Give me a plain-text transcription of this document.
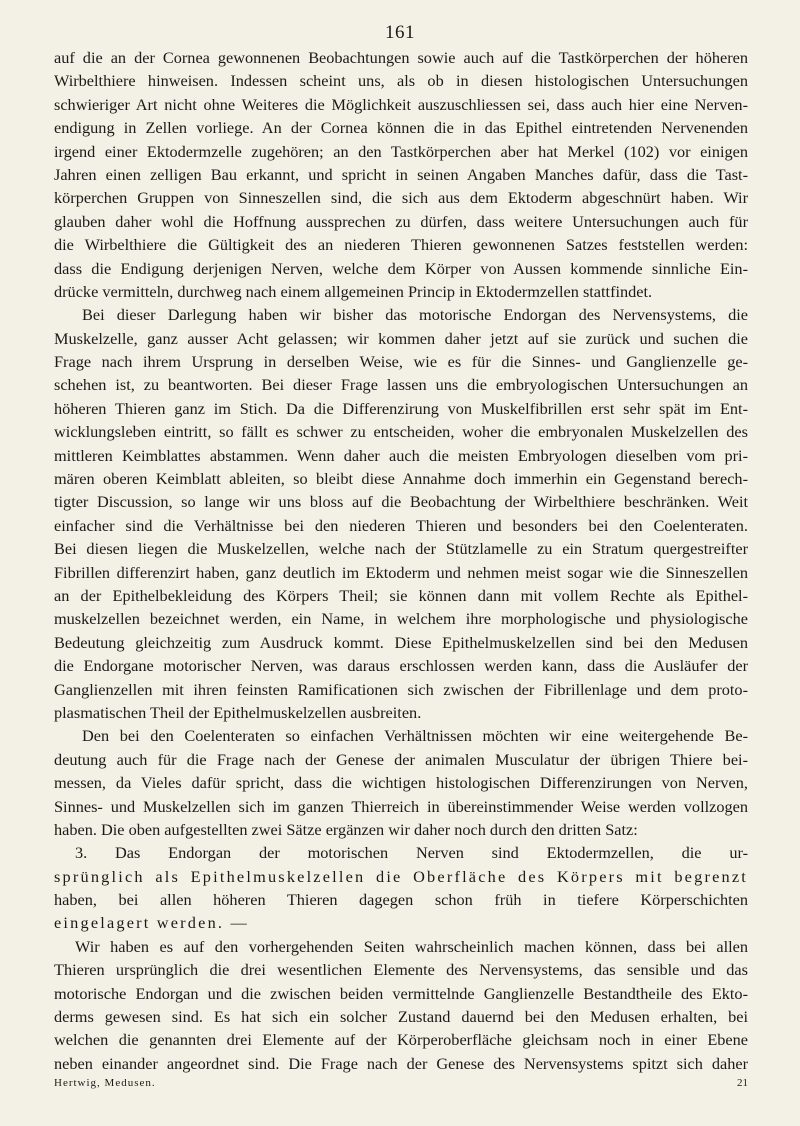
161
auf die an der Cornea gewonnenen Beobachtungen sowie auch auf die Tastkörperchen der höheren
Wirbelthiere hinweisen. Indessen scheint uns, als ob in diesen histologischen Untersuchungen
schwieriger Art nicht ohne Weiteres die Möglichkeit auszuschliessen sei, dass auch hier eine Nerven-
endigung in Zellen vorliege. An der Cornea können die in das Epithel eintretenden Nervenenden
irgend einer Ektodermzelle zugehören; an den Tastkörperchen aber hat Merkel (102) vor einigen
Jahren einen zelligen Bau erkannt, und spricht in seinen Angaben Manches dafür, dass die Tast-
körperchen Gruppen von Sinneszellen sind, die sich aus dem Ektoderm abgeschnürt haben. Wir
glauben daher wohl die Hoffnung aussprechen zu dürfen, dass weitere Untersuchungen auch für
die Wirbelthiere die Gültigkeit des an niederen Thieren gewonnenen Satzes feststellen werden:
dass die Endigung derjenigen Nerven, welche dem Körper von Aussen kommende sinnliche Ein-
drücke vermitteln, durchweg nach einem allgemeinen Princip in Ektodermzellen stattfindet.
Bei dieser Darlegung haben wir bisher das motorische Endorgan des Nervensystems, die
Muskelzelle, ganz ausser Acht gelassen; wir kommen daher jetzt auf sie zurück und suchen die
Frage nach ihrem Ursprung in derselben Weise, wie es für die Sinnes- und Ganglienzelle ge-
schehen ist, zu beantworten. Bei dieser Frage lassen uns die embryologischen Untersuchungen an
höheren Thieren ganz im Stich. Da die Differenzirung von Muskelfibrillen erst sehr spät im Ent-
wicklungsleben eintritt, so fällt es schwer zu entscheiden, woher die embryonalen Muskelzellen des
mittleren Keimblattes abstammen. Wenn daher auch die meisten Embryologen dieselben vom pri-
mären oberen Keimblatt ableiten, so bleibt diese Annahme doch immerhin ein Gegenstand berech-
tigter Discussion, so lange wir uns bloss auf die Beobachtung der Wirbelthiere beschränken. Weit
einfacher sind die Verhältnisse bei den niederen Thieren und besonders bei den Coelenteraten.
Bei diesen liegen die Muskelzellen, welche nach der Stützlamelle zu ein Stratum quergestreifter
Fibrillen differenzirt haben, ganz deutlich im Ektoderm und nehmen meist sogar wie die Sinneszellen
an der Epithelbekleidung des Körpers Theil; sie können dann mit vollem Rechte als Epithel-
muskelzellen bezeichnet werden, ein Name, in welchem ihre morphologische und physiologische
Bedeutung gleichzeitig zum Ausdruck kommt. Diese Epithelmuskelzellen sind bei den Medusen
die Endorgane motorischer Nerven, was daraus erschlossen werden kann, dass die Ausläufer der
Ganglienzellen mit ihren feinsten Ramificationen sich zwischen der Fibrillenlage und dem proto-
plasmatischen Theil der Epithelmuskelzellen ausbreiten.
Den bei den Coelenteraten so einfachen Verhältnissen möchten wir eine weitergehende Be-
deutung auch für die Frage nach der Genese der animalen Musculatur der übrigen Thiere bei-
messen, da Vieles dafür spricht, dass die wichtigen histologischen Differenzirungen von Nerven,
Sinnes- und Muskelzellen sich im ganzen Thierreich in übereinstimmender Weise werden vollzogen
haben. Die oben aufgestellten zwei Sätze ergänzen wir daher noch durch den dritten Satz:
3. Das Endorgan der motorischen Nerven sind Ektodermzellen, die ur-
sprünglich als Epithelmuskelzellen die Oberfläche des Körpers mit begrenzt
haben, bei allen höheren Thieren dagegen schon früh in tiefere Körperschichten
eingelagert werden. —
Wir haben es auf den vorhergehenden Seiten wahrscheinlich machen können, dass bei allen
Thieren ursprünglich die drei wesentlichen Elemente des Nervensystems, das sensible und das
motorische Endorgan und die zwischen beiden vermittelnde Ganglienzelle Bestandtheile des Ekto-
derms gewesen sind. Es hat sich ein solcher Zustand dauernd bei den Medusen erhalten, bei
welchen die genannten drei Elemente auf der Körperoberfläche gleichsam noch in einer Ebene
neben einander angeordnet sind. Die Frage nach der Genese des Nervensystems spitzt sich daher
Hertwig, Medusen.	21
